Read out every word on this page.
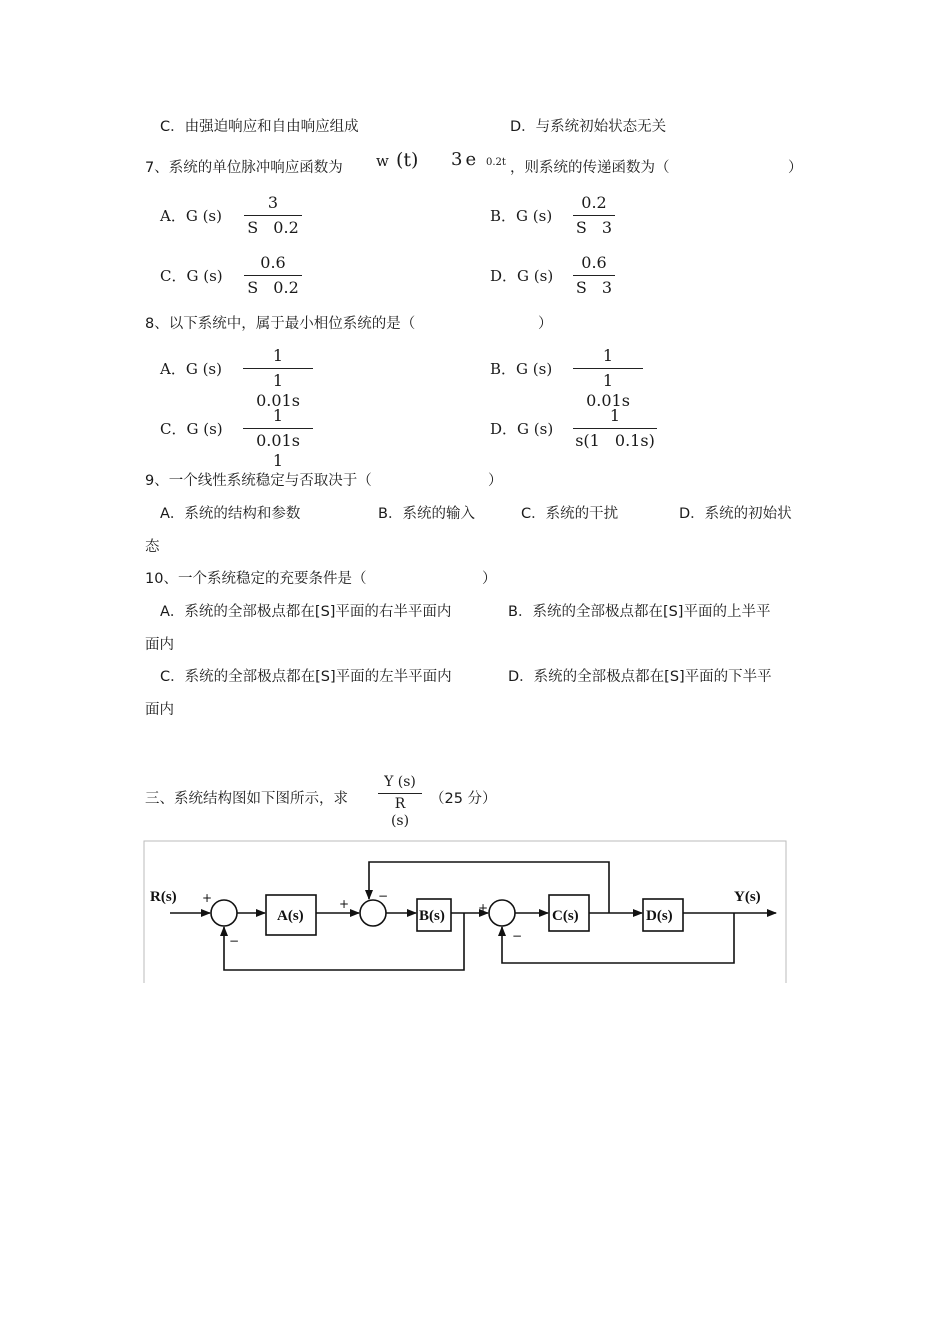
C．由强迫响应和自由响应组成	D．与系统初始状态无关
7、系统的单位脉冲响应函数为 w (t) 3e 0.2t ，则系统的传递函数为（	）
A．G (s)
3
S 0.2
B．G (s)
0.2
S 3
C．G (s)
0.6
S 0.2
D．G (s)
0.6
S 3
8、以下系统中，属于最小相位系统的是（	）
A．G (s)
1
1 0.01s
B．G (s)
1
1 0.01s
C．G (s)
1
0.01s 1
D．G (s)
1
s(1 0.1s)
9、一个线性系统稳定与否取决于（	）
A．系统的结构和参数	B．系统的输入	C．系统的干扰	D．系统的初始状
态
10、一个系统稳定的充要条件是（	）
A．系统的全部极点都在[S]平面的右半平面内	B．系统的全部极点都在[S]平面的上半平
面内
C．系统的全部极点都在[S]平面的左半平面内	D．系统的全部极点都在[S]平面的下半平
面内
三、系统结构图如下图所示，求
Y (s)
R (s)
（25 分）
R(s)	Y(s)
A(s)	B(s)	C(s)	D(s)
+
−
+
−
+
−
